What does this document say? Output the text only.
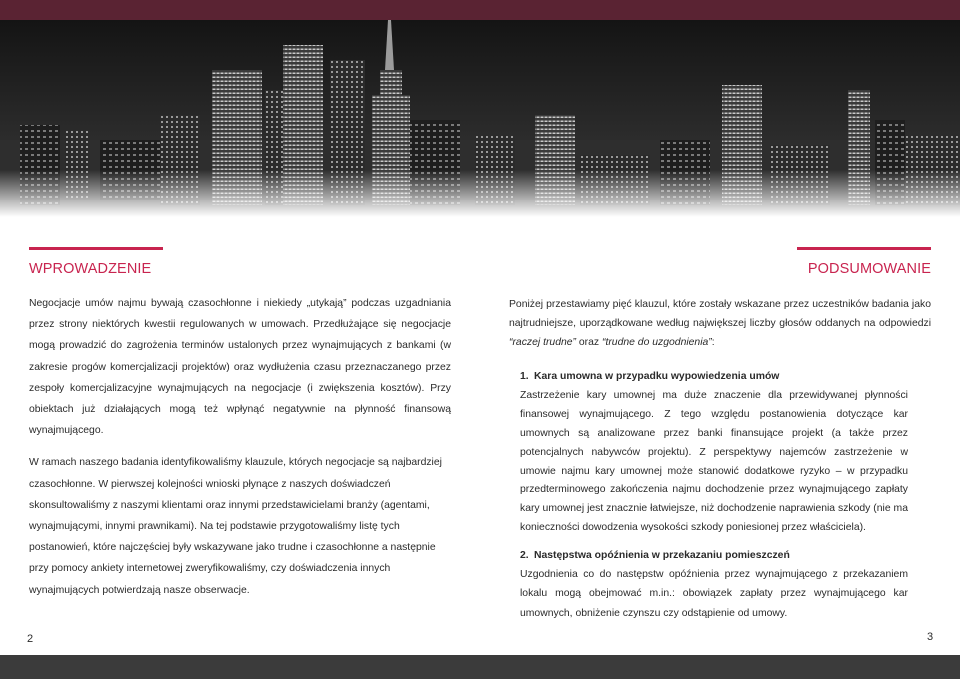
WPROWADZENIE

Negocjacje umów najmu bywają czasochłonne i niekiedy „utykają” podczas uzgadniania przez strony niektórych kwestii regulowanych w umowach. Przedłużające się negocjacje mogą prowadzić do zagrożenia terminów ustalonych przez wynajmujących z bankami (w zakresie progów komercjalizacji projektów) oraz wydłużenia czasu przeznaczanego przez zespoły komercjalizacyjne wynajmujących na negocjacje (i zwiększenia kosztów). Przy obiektach już działających mogą też wpłynąć negatywnie na płynność finansową wynajmującego.

W ramach naszego badania identyfikowaliśmy klauzule, których negocjacje są najbardziej czasochłonne. W pierwszej kolejności wnioski płynące z naszych doświadczeń skonsultowaliśmy z naszymi klientami oraz innymi przedstawicielami branży (agentami, wynajmującymi, innymi prawnikami). Na tej podstawie przygotowaliśmy listę tych postanowień, które najczęściej były wskazywane jako trudne i czasochłonne a następnie przy pomocy ankiety internetowej zweryfikowaliśmy, czy doświadczenia innych wynajmujących potwierdzają nasze obserwacje.

PODSUMOWANIE

Poniżej przestawiamy pięć klauzul, które zostały wskazane przez uczestników badania jako najtrudniejsze, uporządkowane według największej liczby głosów oddanych na odpowiedzi “raczej trudne” oraz “trudne do uzgodnienia”:

1. Kara umowna w przypadku wypowiedzenia umów

Zastrzeżenie kary umownej ma duże znaczenie dla przewidywanej płynności finansowej wynajmującego. Z tego względu postanowienia dotyczące kar umownych są analizowane przez banki finansujące projekt (a także przez potencjalnych nabywców projektu). Z perspektywy najemców zastrzeżenie w umowie najmu kary umownej może stanowić dodatkowe ryzyko – w przypadku przedterminowego zakończenia najmu dochodzenie przez wynajmującego zapłaty kary umownej jest znacznie łatwiejsze, niż dochodzenie naprawienia szkody (nie ma konieczności dowodzenia wysokości szkody poniesionej przez właściciela).

2. Następstwa opóźnienia w przekazaniu pomieszczeń

Uzgodnienia co do następstw opóźnienia przez wynajmującego z przekazaniem lokalu mogą obejmować m.in.: obowiązek zapłaty przez wynajmującego kar umownych, obniżenie czynszu czy odstąpienie od umowy.

2	3
